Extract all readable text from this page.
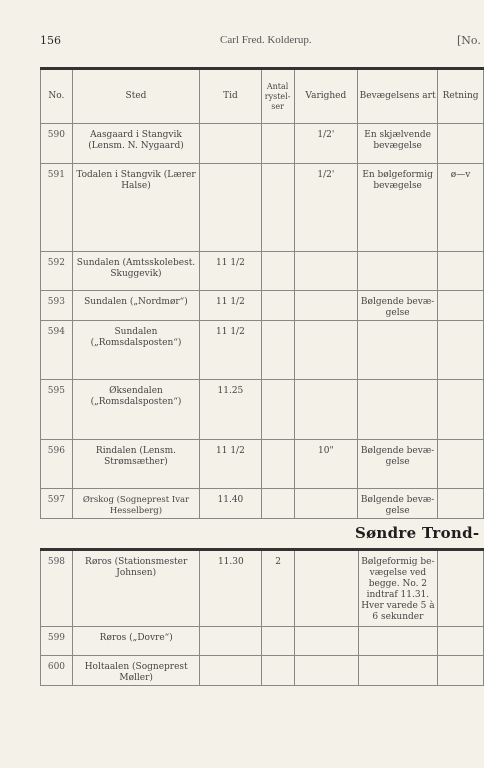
156	Carl Fred. Kolderup.	[No.
No.	Sted	Tid	Antal rystel-ser	Varighed	Bevægelsens art	Retning
590	Aasgaard i Stangvik (Lensm. N. Nygaard)			1/2'	En skjælvende bevægelse	
591	Todalen i Stangvik (Lærer Halse)			1/2'	En bølgeformig bevægelse	ø—v
592	Sundalen (Amtsskolebest. Skuggevik)	11 1/2				
593	Sundalen („Nordmør“)	11 1/2			Bølgende bevæ-gelse	
594	Sundalen („Romsdalsposten“)	11 1/2				
595	Øksendalen („Romsdalsposten“)	11.25				
596	Rindalen (Lensm. Strømsæther)	11 1/2		10"	Bølgende bevæ-gelse	
597	Ørskog (Sogneprest Ivar Hesselberg)	11.40			Bølgende bevæ-gelse	
Søndre Trond-
598	Røros (Stationsmester Johnsen)	11.30	2		Bølgeformig be-vægelse ved begge. No. 2 indtraf 11.31. Hver varede 5 à 6 sekunder	
599	Røros („Dovre“)					
600	Holtaalen (Sogneprest Møller)					
